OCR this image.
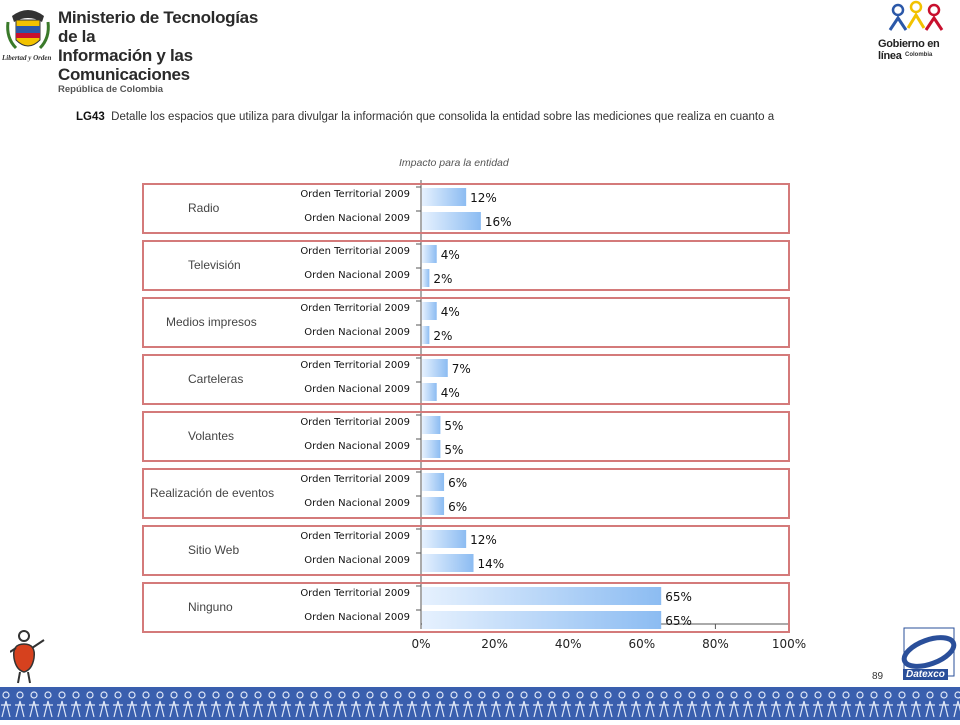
Libertad y Orden
Ministerio de Tecnologías de la
Información y las Comunicaciones
República de Colombia
Gobierno en línea Colombia
LG43 Detalle los espacios que utiliza para divulgar la información que consolida la entidad sobre las mediciones que realiza en cuanto a
Impacto para la entidad
0%	20%	40%	60%	80%	100%
Radio
Orden Territorial 2009	12%
Orden Nacional 2009	16%
Televisión
Orden Territorial 2009	4%
Orden Nacional 2009 2%
Medios impresos
Orden Territorial 2009	4%
Orden Nacional 2009 2%
Carteleras
Orden Territorial 2009	7%
Orden Nacional 2009	4%
Volantes
Orden Territorial 2009	5%
Orden Nacional 2009	5%
Realización de eventos
Orden Territorial 2009	6%
Orden Nacional 2009	6%
Sitio Web
Orden Territorial 2009	12%
Orden Nacional 2009	14%
Ninguno
Orden Territorial 2009	65%
Orden Nacional 2009	65%
Datexco
89
